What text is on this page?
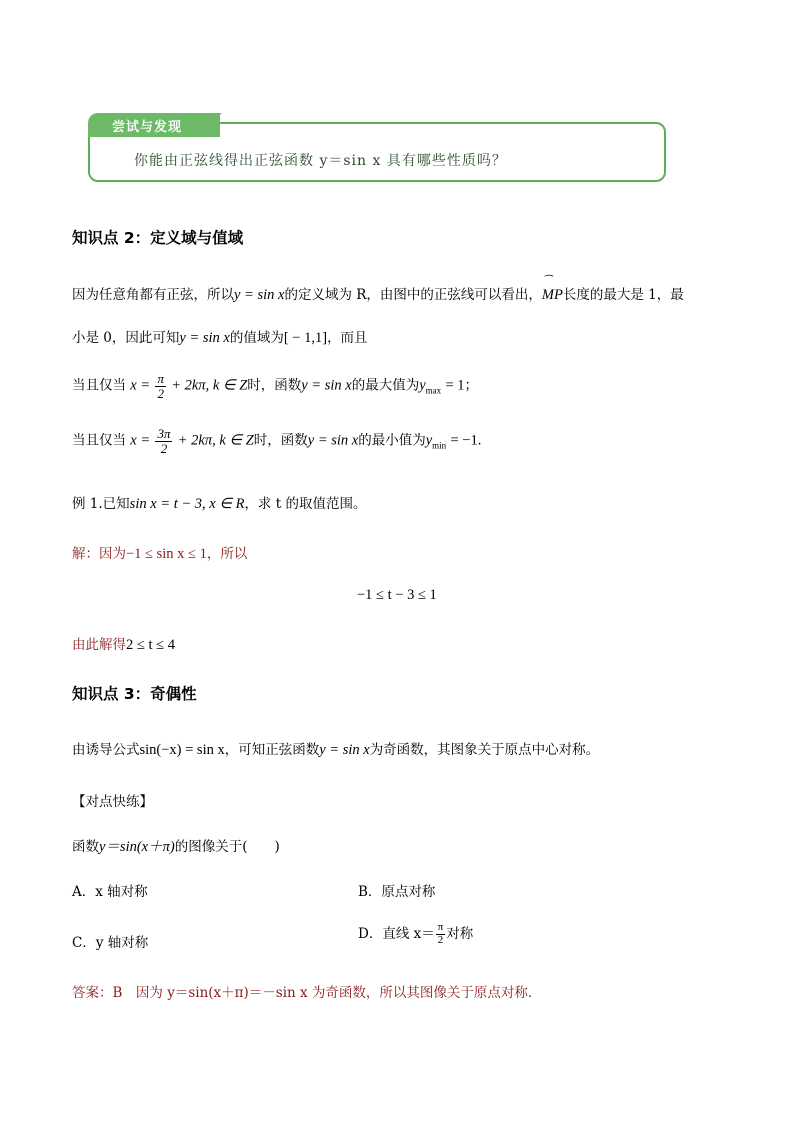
尝试与发现
你能由正弦线得出正弦函数 y＝sin x 具有哪些性质吗？
知识点 2：定义域与值域
因为任意角都有正弦，所以y = sin x的定义域为 R，由图中的正弦线可以看出，⁀ MP长度的最大是 1，最
小是 0，因此可知y = sin x的值域为[ − 1,1]，而且
当且仅当 $x = \frac{\pi}{2} + 2k\pi$, k ∈ Z时，函数y = sin x的最大值为$y_{max} = 1$；
当且仅当 $x = \frac{3\pi}{2} + 2k\pi$, k ∈ Z时，函数y = sin x的最小值为$y_{min} = -1$.
例 1.已知sin x = t − 3, x ∈ R，求 t 的取值范围。
解：因为−1 ≤ sin x ≤ 1，所以
−1 ≤ t − 3 ≤ 1
由此解得2 ≤ t ≤ 4
知识点 3：奇偶性
由诱导公式sin(−x) = sin x，可知正弦函数y = sin x为奇函数，其图象关于原点中心对称。
【对点快练】
函数y＝sin(x＋π)的图像关于(　　)
A．x 轴对称	B．原点对称
C．y 轴对称
D．直线 $x= \frac{\pi}{2}$ 对称
答案：B　因为 y＝sin(x＋π)＝－sin x 为奇函数，所以其图像关于原点对称．
